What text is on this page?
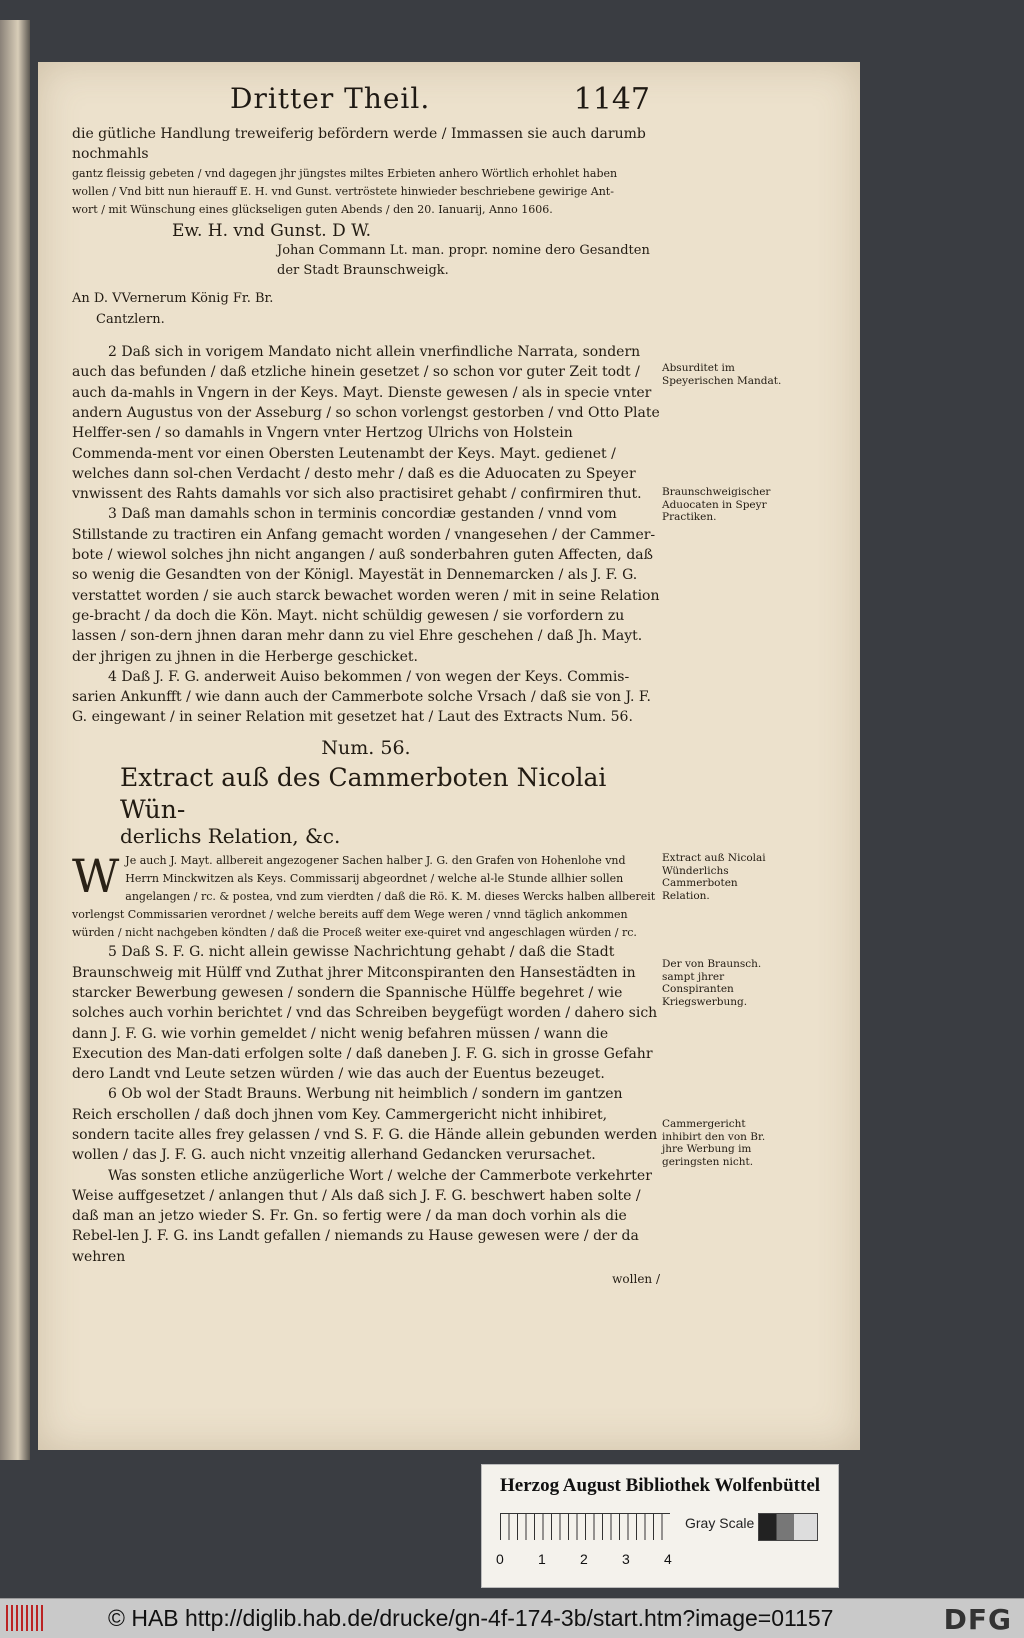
Dritter Theil.	1147

die gütliche Handlung treweiferig befördern werde / Immassen sie auch darumb nochmahls

gantz fleissig gebeten / vnd dagegen jhr jüngstes miltes Erbieten anhero Wörtlich erhohlet haben

wollen / Vnd bitt nun hierauff E. H. vnd Gunst. vertröstete hinwieder beschriebene gewirige Ant-

wort / mit Wünschung eines glückseligen guten Abends / den 20. Ianuarij, Anno 1606.

Ew. H. vnd Gunst. D W.

Johan Commann Lt. man. propr. nomine dero Gesandten

der Stadt Braunschweigk.

An D. VVernerum König Fr. Br.

Cantzlern.

2 Daß sich in vorigem Mandato nicht allein vnerfindliche Narrata, sondern auch das befunden / daß etzliche hinein gesetzet / so schon vor guter Zeit todt / auch da-mahls in Vngern in der Keys. Mayt. Dienste gewesen / als in specie vnter andern Augustus von der Asseburg / so schon vorlengst gestorben / vnd Otto Plate Helffer-sen / so damahls in Vngern vnter Hertzog Ulrichs von Holstein Commenda-ment vor einen Obersten Leutenambt der Keys. Mayt. gedienet / welches dann sol-chen Verdacht / desto mehr / daß es die Aduocaten zu Speyer vnwissent des Rahts damahls vor sich also practisiret gehabt / confirmiren thut.

3 Daß man damahls schon in terminis concordiæ gestanden / vnnd vom Stillstande zu tractiren ein Anfang gemacht worden / vnangesehen / der Cammer-bote / wiewol solches jhn nicht angangen / auß sonderbahren guten Affecten, daß so wenig die Gesandten von der Königl. Mayestät in Dennemarcken / als J. F. G. verstattet worden / sie auch starck bewachet worden weren / mit in seine Relation ge-bracht / da doch die Kön. Mayt. nicht schüldig gewesen / sie vorfordern zu lassen / son-dern jhnen daran mehr dann zu viel Ehre geschehen / daß Jh. Mayt. der jhrigen zu jhnen in die Herberge geschicket.

4 Daß J. F. G. anderweit Auiso bekommen / von wegen der Keys. Commis-sarien Ankunfft / wie dann auch der Cammerbote solche Vrsach / daß sie von J. F. G. eingewant / in seiner Relation mit gesetzet hat / Laut des Extracts Num. 56.

Num. 56.

Extract auß des Cammerboten Nicolai Wün-

derlichs Relation, &c.

W Je auch J. Mayt. allbereit angezogener Sachen halber J. G. den Grafen von Hohenlohe vnd Herrn Minckwitzen als Keys. Commissarij abgeordnet / welche al-le Stunde allhier sollen angelangen / rc. & postea, vnd zum vierdten / daß die Rö. K. M. dieses Wercks halben allbereit vorlengst Commissarien verordnet / welche bereits auff dem Wege weren / vnnd täglich ankommen würden / nicht nachgeben köndten / daß die Proceß weiter exe-quiret vnd angeschlagen würden / rc.

5 Daß S. F. G. nicht allein gewisse Nachrichtung gehabt / daß die Stadt Braunschweig mit Hülff vnd Zuthat jhrer Mitconspiranten den Hansestädten in starcker Bewerbung gewesen / sondern die Spannische Hülffe begehret / wie solches auch vorhin berichtet / vnd das Schreiben beygefügt worden / dahero sich dann J. F. G. wie vorhin gemeldet / nicht wenig befahren müssen / wann die Execution des Man-dati erfolgen solte / daß daneben J. F. G. sich in grosse Gefahr dero Landt vnd Leute setzen würden / wie das auch der Euentus bezeuget.

6 Ob wol der Stadt Brauns. Werbung nit heimblich / sondern im gantzen Reich erschollen / daß doch jhnen vom Key. Cammergericht nicht inhibiret, sondern tacite alles frey gelassen / vnd S. F. G. die Hände allein gebunden werden wollen / das J. F. G. auch nicht vnzeitig allerhand Gedancken verursachet.

Was sonsten etliche anzügerliche Wort / welche der Cammerbote verkehrter Weise auffgesetzet / anlangen thut / Als daß sich J. F. G. beschwert haben solte / daß man an jetzo wieder S. Fr. Gn. so fertig were / da man doch vorhin als die Rebel-len J. F. G. ins Landt gefallen / niemands zu Hause gewesen were / der da wehren

wollen /

Absurditet im Speyerischen Mandat.
Braunschweigischer Aduocaten in Speyr Practiken.
Extract auß Nicolai Wünderlichs Cammerboten Relation.
Der von Braunsch. sampt jhrer Conspiranten Kriegswerbung.
Cammergericht inhibirt den von Br. jhre Werbung im geringsten nicht.
Herzog August Bibliothek Wolfenbüttel
Gray Scale
0 1 2 3 4
© HAB http://diglib.hab.de/drucke/gn-4f-174-3b/start.htm?image=01157	DFG
